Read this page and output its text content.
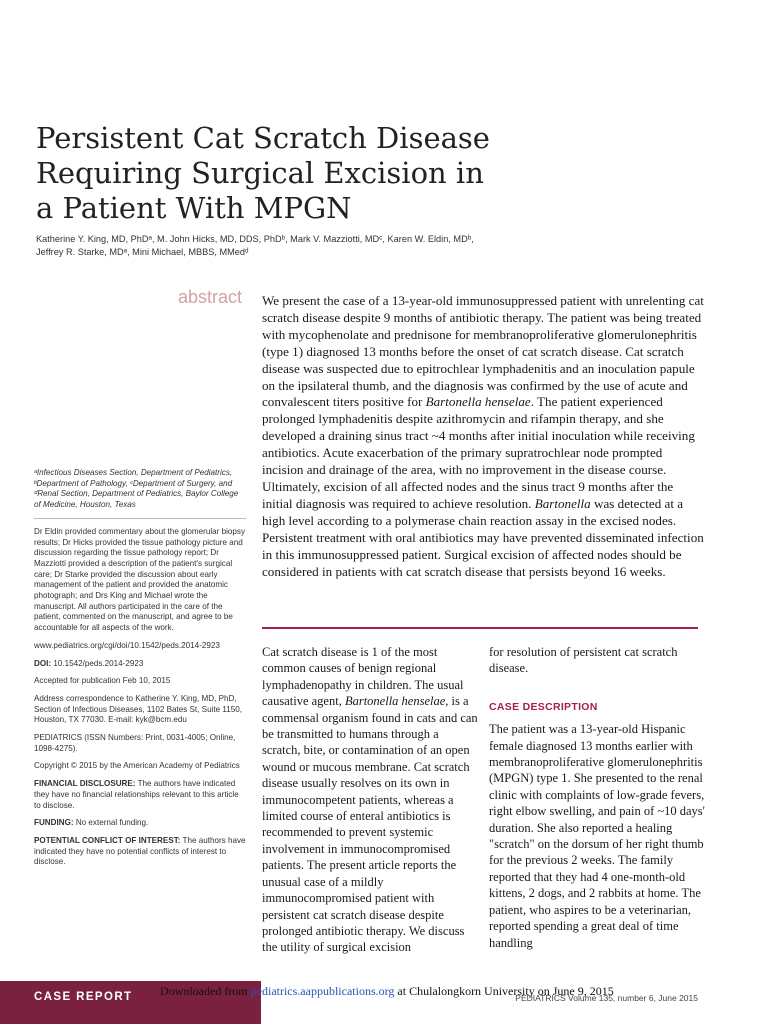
Persistent Cat Scratch Disease Requiring Surgical Excision in a Patient With MPGN
Katherine Y. King, MD, PhDᵃ, M. John Hicks, MD, DDS, PhDᵇ, Mark V. Mazziotti, MDᶜ, Karen W. Eldin, MDᵇ,
Jeffrey R. Starke, MDᵃ, Mini Michael, MBBS, MMedᵈ
abstract We present the case of a 13-year-old immunosuppressed patient with unrelenting cat scratch disease despite 9 months of antibiotic therapy. The patient was being treated with mycophenolate and prednisone for membranoproliferative glomerulonephritis (type 1) diagnosed 13 months before the onset of cat scratch disease. Cat scratch disease was suspected due to epitrochlear lymphadenitis and an inoculation papule on the ipsilateral thumb, and the diagnosis was confirmed by the use of acute and convalescent titers positive for Bartonella henselae. The patient experienced prolonged lymphadenitis despite azithromycin and rifampin therapy, and she developed a draining sinus tract ~4 months after initial inoculation while receiving antibiotics. Acute exacerbation of the primary supratrochlear node prompted incision and drainage of the area, with no improvement in the disease course. Ultimately, excision of all affected nodes and the sinus tract 9 months after the initial diagnosis was required to achieve resolution. Bartonella was detected at a high level according to a polymerase chain reaction assay in the excised nodes. Persistent treatment with oral antibiotics may have prevented disseminated infection in this immunosuppressed patient. Surgical excision of affected nodes should be considered in patients with cat scratch disease that persists beyond 16 weeks.
ᵃInfectious Diseases Section, Department of Pediatrics,
ᵇDepartment of Pathology, ᶜDepartment of Surgery, and
ᵈRenal Section, Department of Pediatrics, Baylor College of Medicine, Houston, Texas
Dr Eldin provided commentary about the glomerular biopsy results; Dr Hicks provided the tissue pathology picture and discussion regarding the tissue pathology report; Dr Mazziotti provided a description of the patient's surgical care; Dr Starke provided the discussion about early management of the patient and provided the anatomic photograph; and Drs King and Michael wrote the manuscript. All authors participated in the care of the patient, commented on the manuscript, and agree to be accountable for all aspects of the work.
www.pediatrics.org/cgi/doi/10.1542/peds.2014-2923
DOI: 10.1542/peds.2014-2923
Accepted for publication Feb 10, 2015
Address correspondence to Katherine Y. King, MD, PhD, Section of Infectious Diseases, 1102 Bates St, Suite 1150, Houston, TX 77030. E-mail: kyk@bcm.edu
PEDIATRICS (ISSN Numbers: Print, 0031-4005; Online, 1098-4275).
Copyright © 2015 by the American Academy of Pediatrics
FINANCIAL DISCLOSURE: The authors have indicated they have no financial relationships relevant to this article to disclose.
FUNDING: No external funding.
POTENTIAL CONFLICT OF INTEREST: The authors have indicated they have no potential conflicts of interest to disclose.

Cat scratch disease is 1 of the most common causes of benign regional lymphadenopathy in children. The usual causative agent, Bartonella henselae, is a commensal organism found in cats and can be transmitted to humans through a scratch, bite, or contamination of an open wound or mucous membrane. Cat scratch disease usually resolves on its own in immunocompetent patients, whereas a limited course of enteral antibiotics is recommended to prevent systemic involvement in immunocompromised patients. The present article reports the unusual case of a mildly immunocompromised patient with persistent cat scratch disease despite prolonged antibiotic therapy. We discuss the utility of surgical excision

for resolution of persistent cat scratch disease.

CASE DESCRIPTION

The patient was a 13-year-old Hispanic female diagnosed 13 months earlier with membranoproliferative glomerulonephritis (MPGN) type 1. She presented to the renal clinic with complaints of low-grade fevers, right elbow swelling, and pain of ~10 days' duration. She also reported a healing "scratch" on the dorsum of her right thumb for the previous 2 weeks. The family reported that they had 4 one-month-old kittens, 2 dogs, and 2 rabbits at home. The patient, who aspires to be a veterinarian, reported spending a great deal of time handling

CASE REPORT Downloaded from pediatrics.aappublications.org at Chulalongkorn University on June 9, 2015
PEDIATRICS Volume 135, number 6, June 2015
